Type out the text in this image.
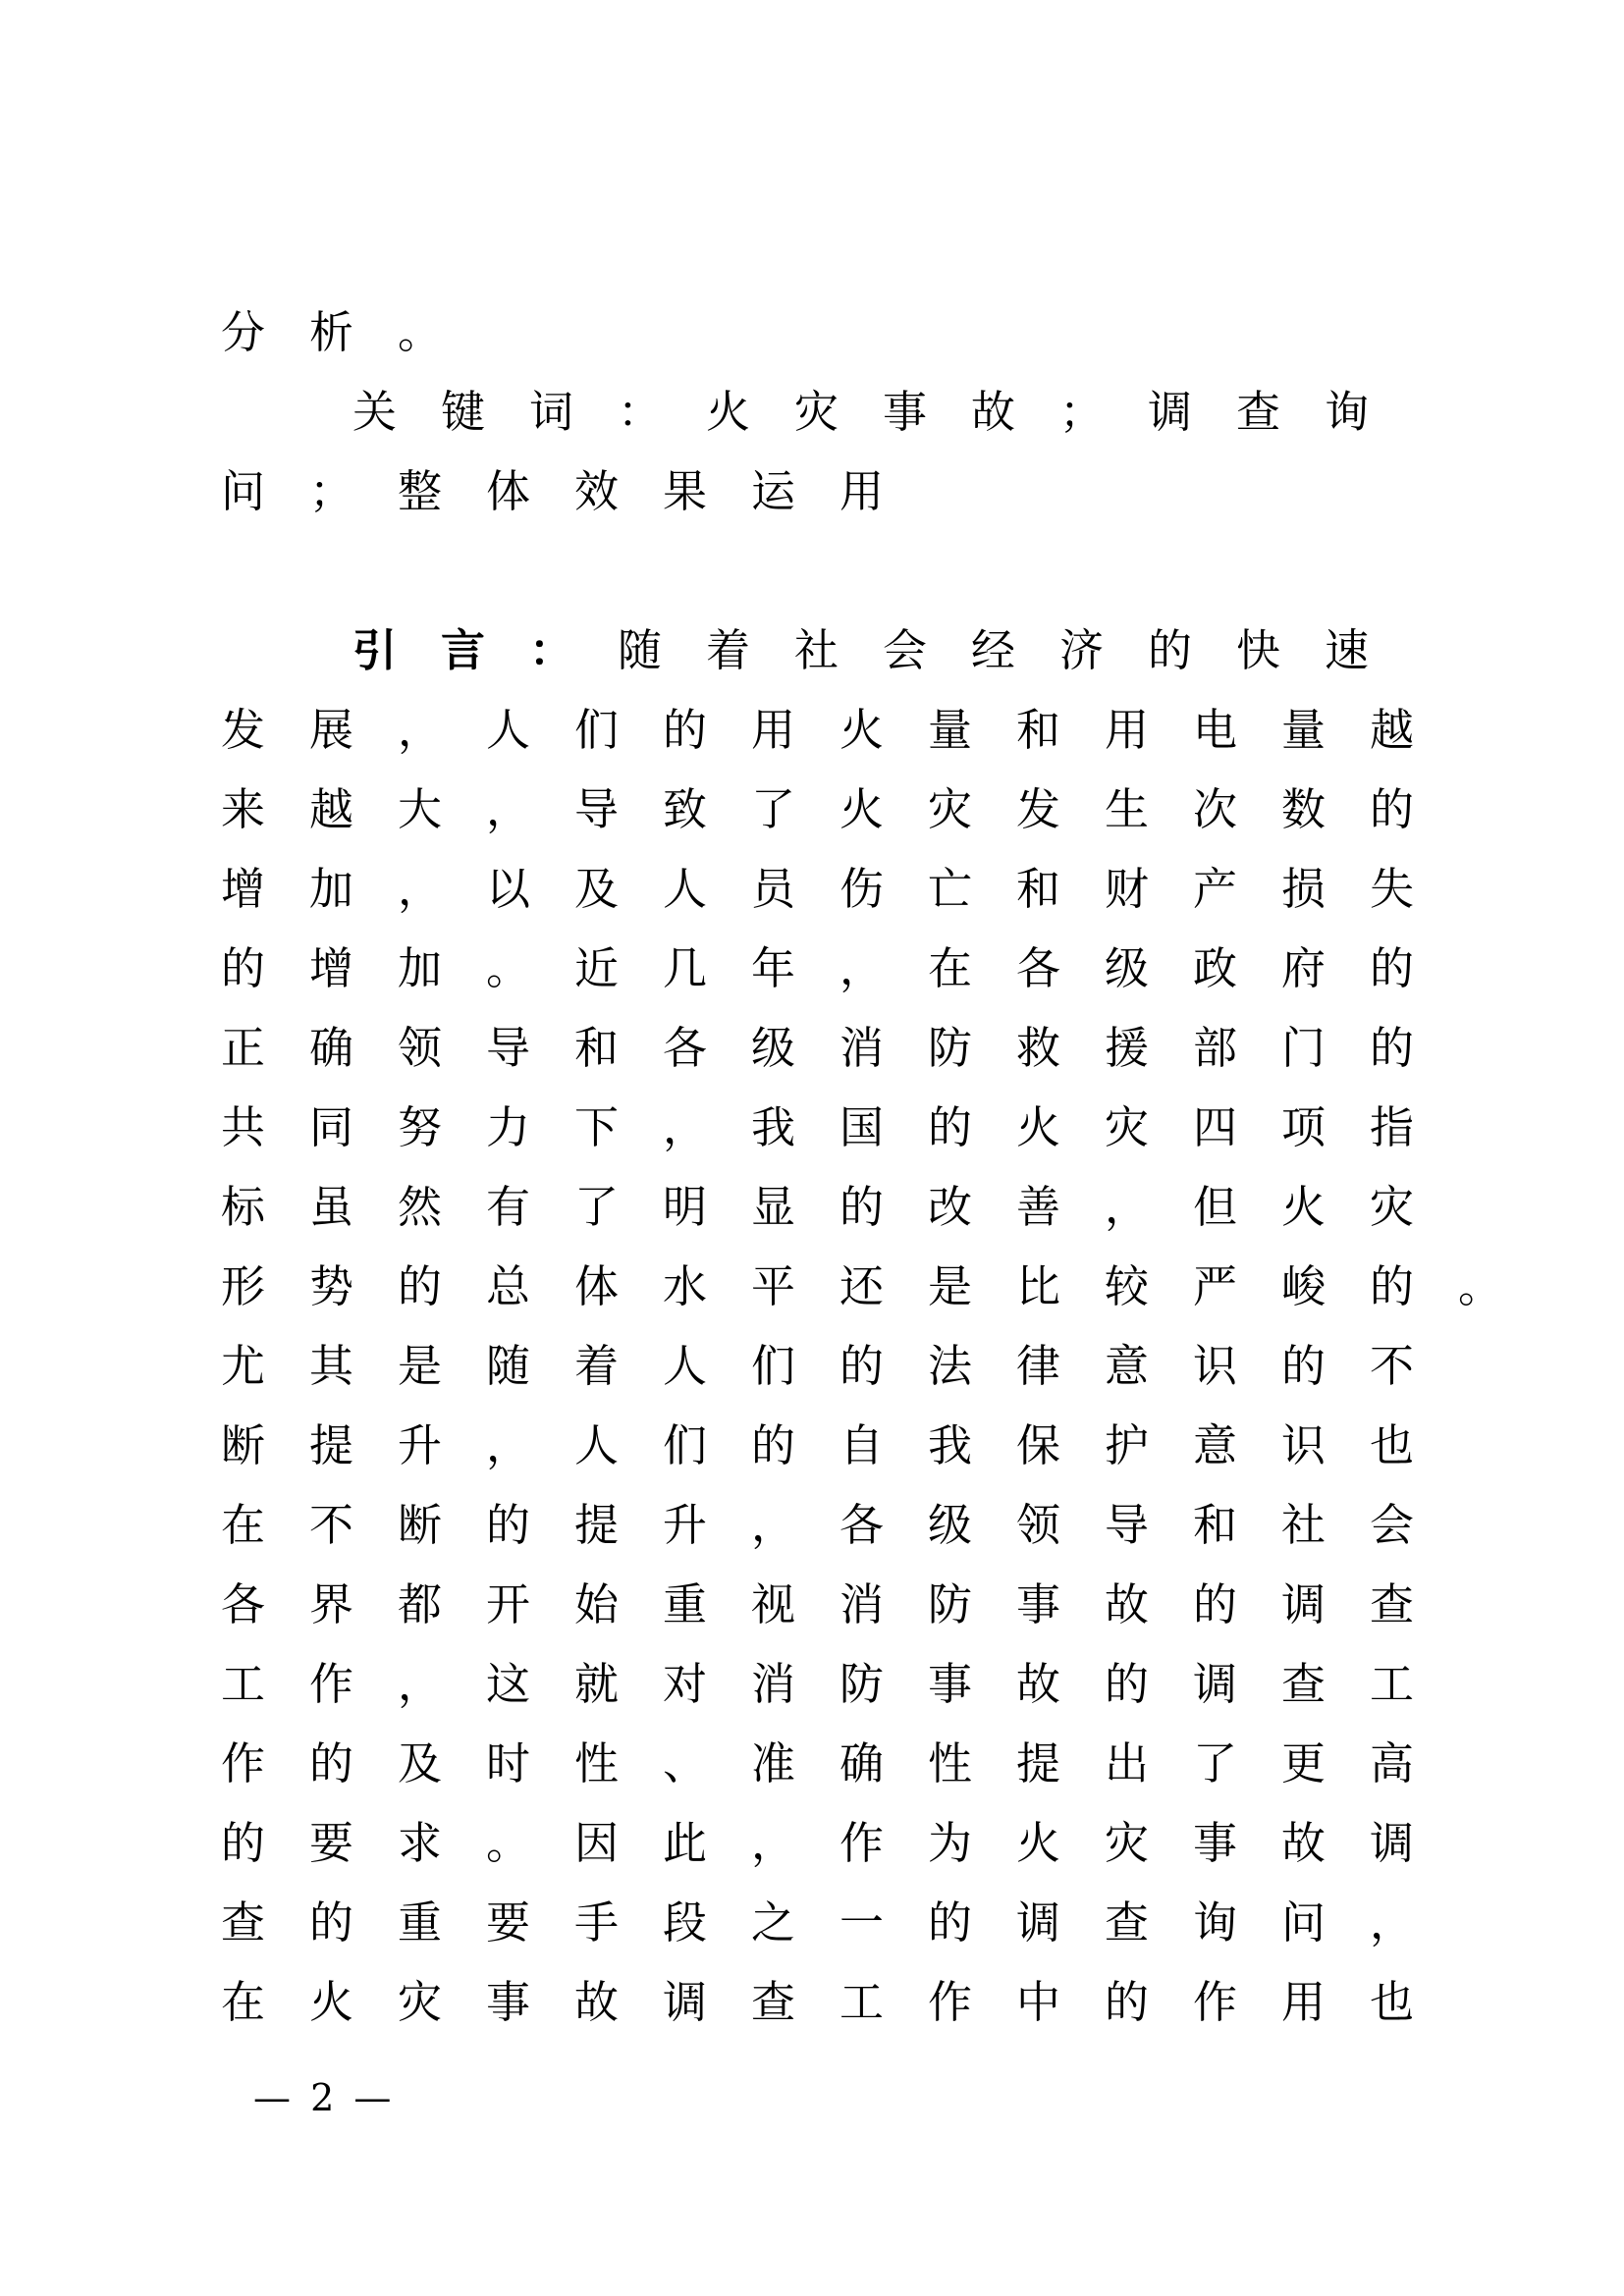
分析。
关键词：火灾事故；调查询
问；整体效果运用
引言：随着社会经济的快速
发展，人们的用火量和用电量越
来越大，导致了火灾发生次数的
增加，以及人员伤亡和财产损失
的增加。近几年，在各级政府的
正确领导和各级消防救援部门的
共同努力下，我国的火灾四项指
标虽然有了明显的改善，但火灾
形势的总体水平还是比较严峻的。
尤其是随着人们的法律意识的不
断提升，人们的自我保护意识也
在不断的提升，各级领导和社会
各界都开始重视消防事故的调查
工作，这就对消防事故的调查工
作的及时性、准确性提出了更高
的要求。因此，作为火灾事故调
查的重要手段之一的调查询问，
在火灾事故调查工作中的作用也
— 2 —
